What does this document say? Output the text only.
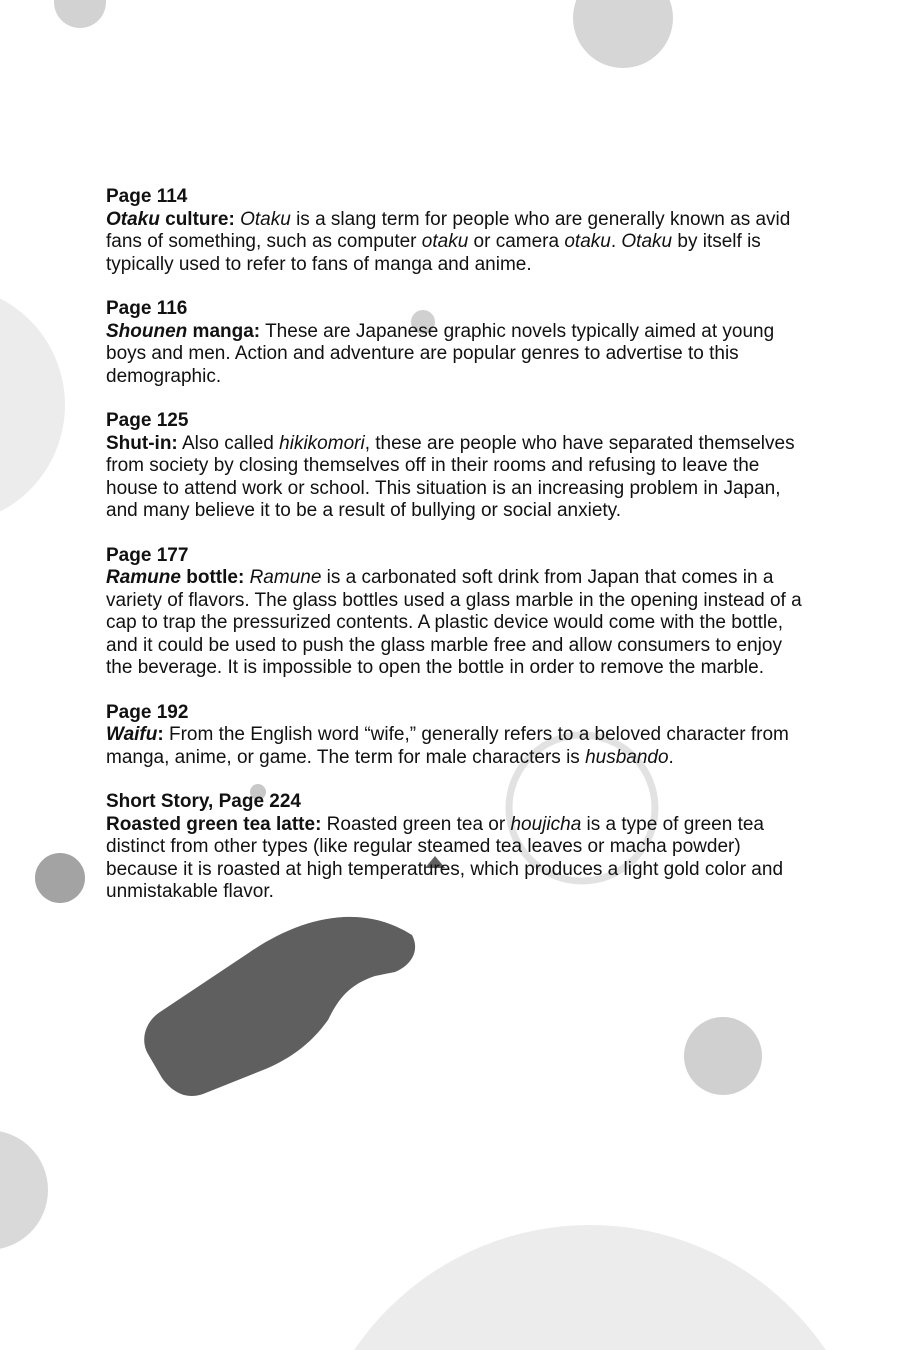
Page 114

Otaku culture: Otaku is a slang term for people who are generally known as avid fans of something, such as computer otaku or camera otaku. Otaku by itself is typically used to refer to fans of manga and anime.

Page 116

Shounen manga: These are Japanese graphic novels typically aimed at young boys and men. Action and adventure are popular genres to advertise to this demographic.

Page 125

Shut-in: Also called hikikomori, these are people who have separated themselves from society by closing themselves off in their rooms and refusing to leave the house to attend work or school. This situation is an increasing problem in Japan, and many believe it to be a result of bullying or social anxiety.

Page 177

Ramune bottle: Ramune is a carbonated soft drink from Japan that comes in a variety of flavors. The glass bottles used a glass marble in the opening instead of a cap to trap the pressurized contents. A plastic device would come with the bottle, and it could be used to push the glass marble free and allow consumers to enjoy the beverage. It is impossible to open the bottle in order to remove the marble.

Page 192

Waifu: From the English word “wife,” generally refers to a beloved character from manga, anime, or game. The term for male characters is husbando.

Short Story, Page 224

Roasted green tea latte: Roasted green tea or houjicha is a type of green tea distinct from other types (like regular steamed tea leaves or macha powder) because it is roasted at high temperatures, which produces a light gold color and unmistakable flavor.
